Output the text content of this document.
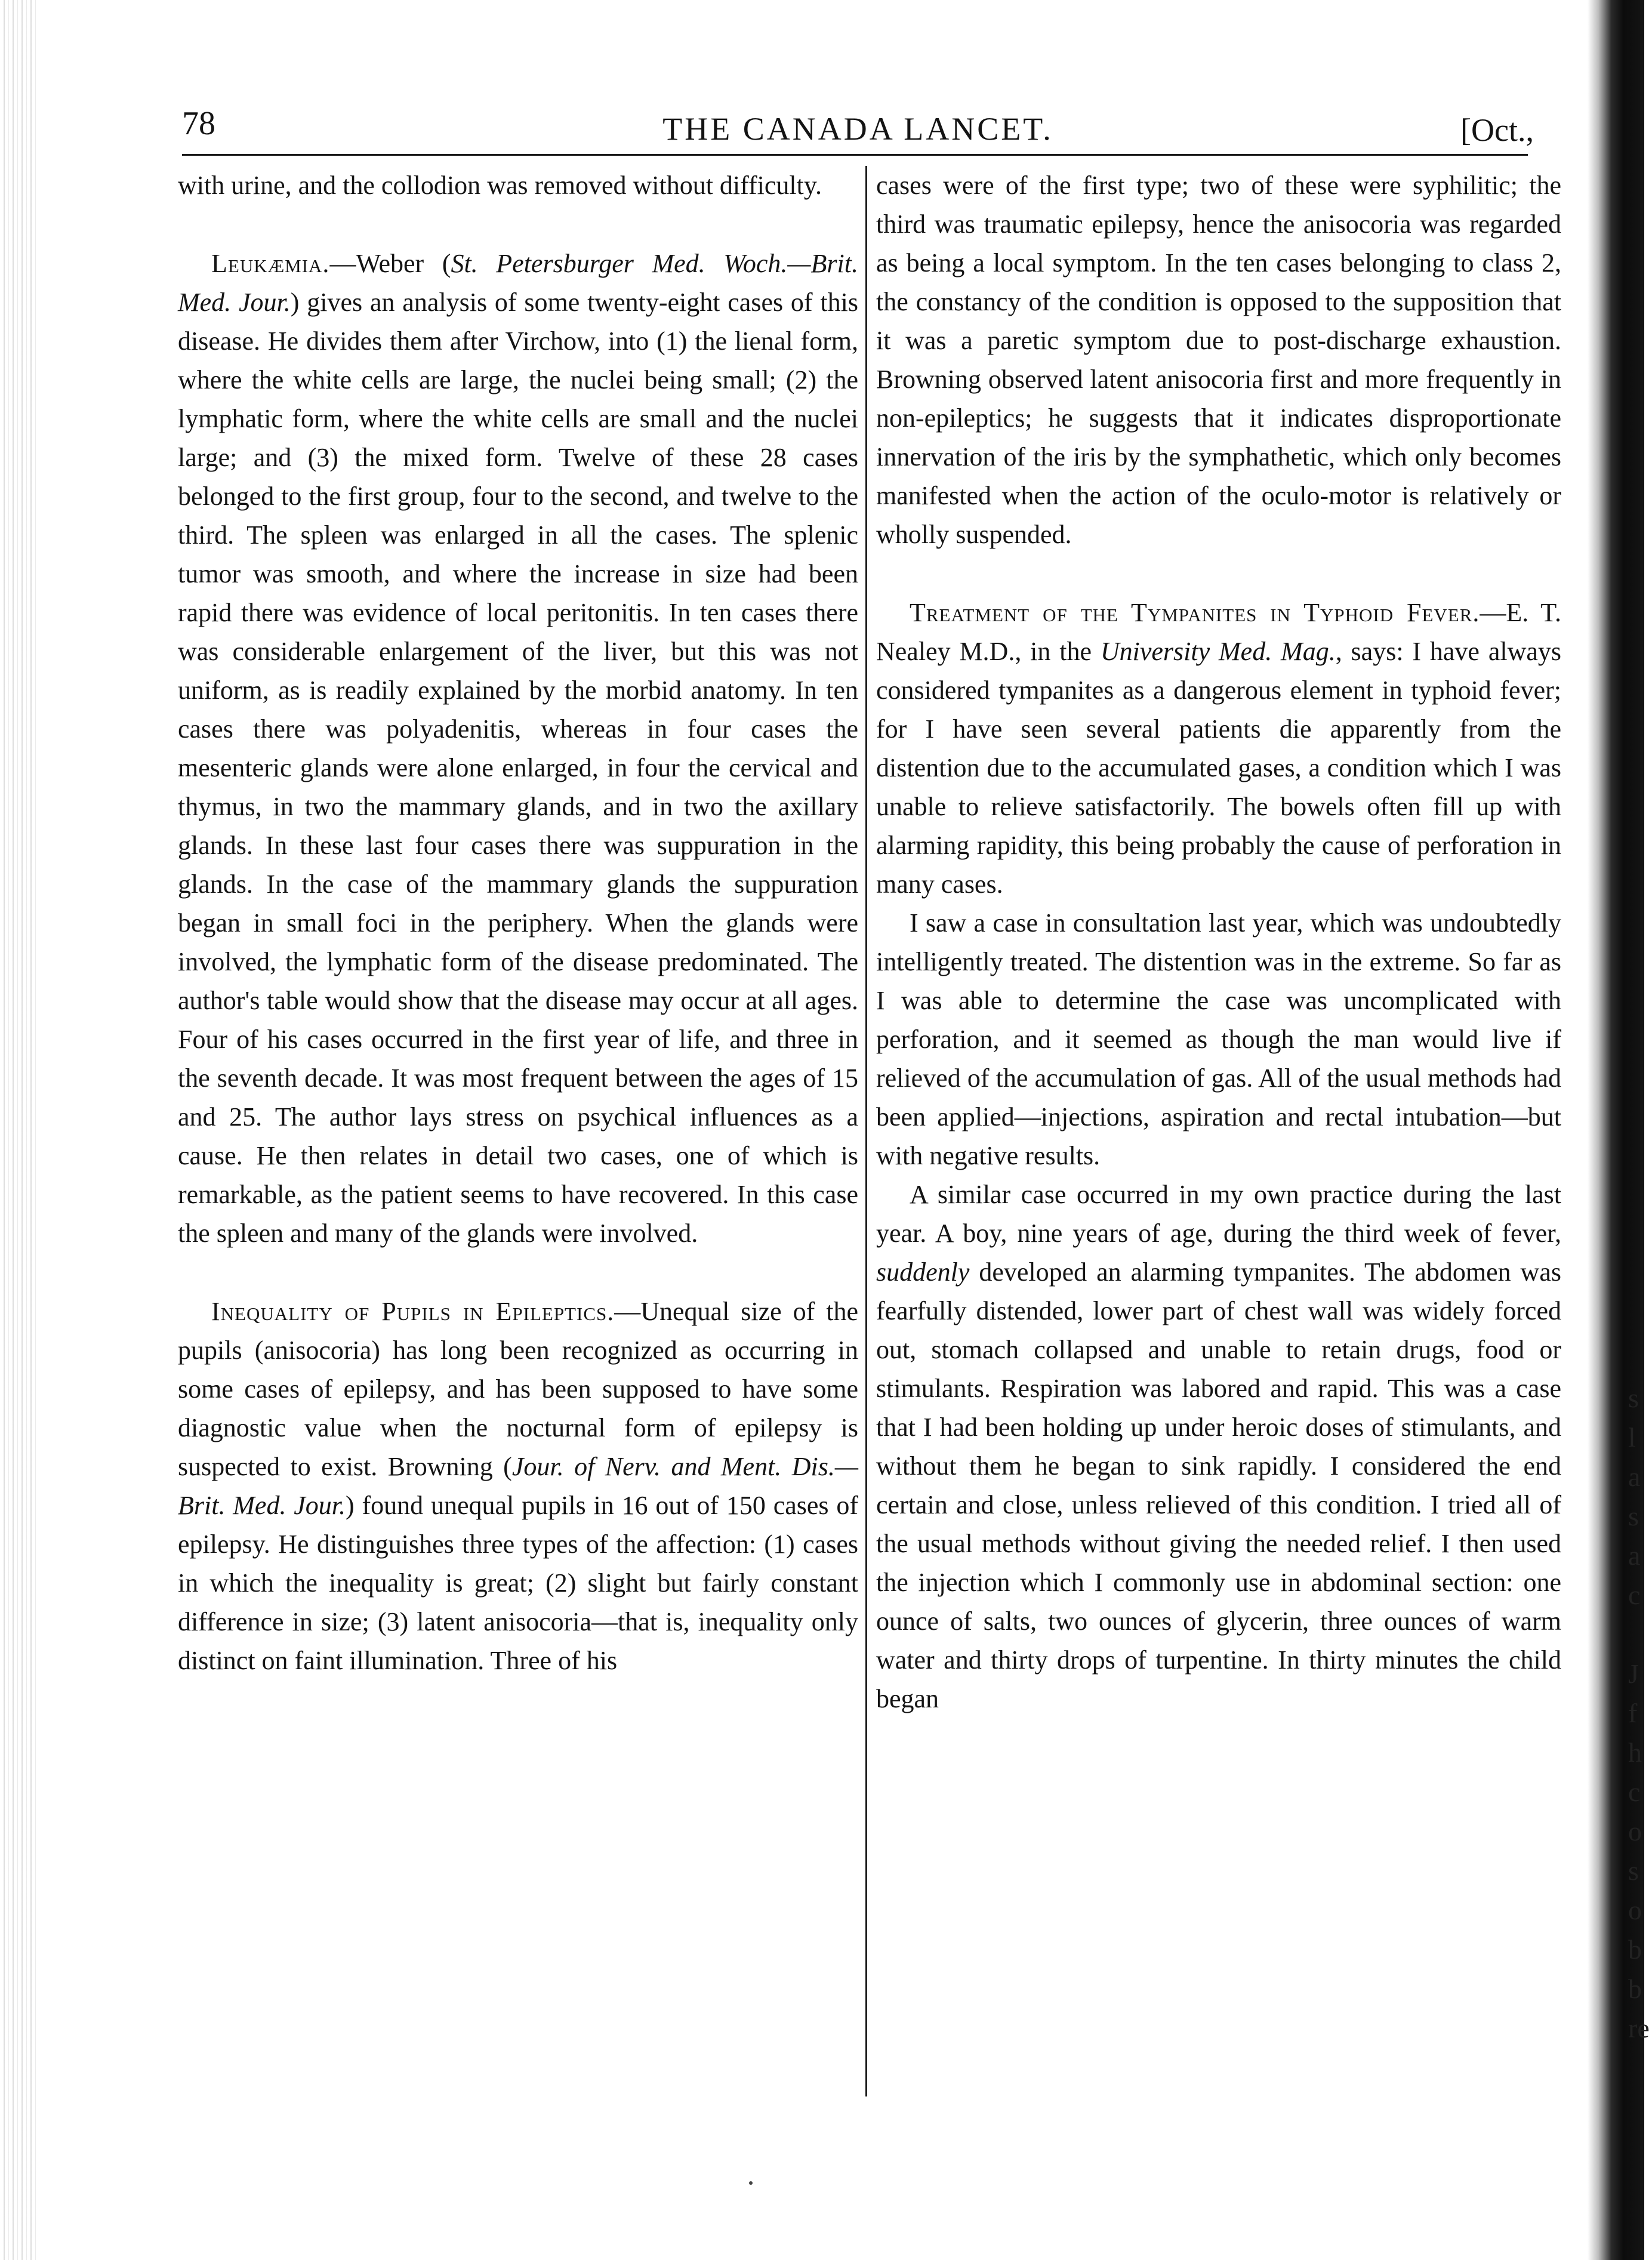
s
l
a
s
a
c

J
f
h
c
o
s
o
b
b
re
78	THE CANADA LANCET.	[Oct.,

with urine, and the collodion was removed without difficulty.

Leukæmia.—Weber (St. Petersburger Med. Woch.—Brit. Med. Jour.) gives an analysis of some twenty-eight cases of this disease. He divides them after Virchow, into (1) the lienal form, where the white cells are large, the nuclei being small; (2) the lymphatic form, where the white cells are small and the nuclei large; and (3) the mixed form. Twelve of these 28 cases belonged to the first group, four to the second, and twelve to the third. The spleen was enlarged in all the cases. The splenic tumor was smooth, and where the increase in size had been rapid there was evidence of local peritonitis. In ten cases there was considerable enlargement of the liver, but this was not uniform, as is readily explained by the morbid anatomy. In ten cases there was polyadenitis, whereas in four cases the mesenteric glands were alone enlarged, in four the cervical and thymus, in two the mammary glands, and in two the axillary glands. In these last four cases there was suppuration in the glands. In the case of the mammary glands the suppuration began in small foci in the periphery. When the glands were involved, the lymphatic form of the disease predominated. The author's table would show that the disease may occur at all ages. Four of his cases occurred in the first year of life, and three in the seventh decade. It was most frequent between the ages of 15 and 25. The author lays stress on psychical influences as a cause. He then relates in detail two cases, one of which is remarkable, as the patient seems to have recovered. In this case the spleen and many of the glands were involved.

Inequality of Pupils in Epileptics.—Unequal size of the pupils (anisocoria) has long been recognized as occurring in some cases of epilepsy, and has been supposed to have some diagnostic value when the nocturnal form of epilepsy is suspected to exist. Browning (Jour. of Nerv. and Ment. Dis.—Brit. Med. Jour.) found unequal pupils in 16 out of 150 cases of epilepsy. He distinguishes three types of the affection: (1) cases in which the inequality is great; (2) slight but fairly constant difference in size; (3) latent anisocoria—that is, inequality only distinct on faint illumination. Three of his

cases were of the first type; two of these were syphilitic; the third was traumatic epilepsy, hence the anisocoria was regarded as being a local symptom. In the ten cases belonging to class 2, the constancy of the condition is opposed to the supposition that it was a paretic symptom due to post-discharge exhaustion. Browning observed latent anisocoria first and more frequently in non-epileptics; he suggests that it indicates disproportionate innervation of the iris by the symphathetic, which only becomes manifested when the action of the oculo-motor is relatively or wholly suspended.

Treatment of the Tympanites in Typhoid Fever.—E. T. Nealey M.D., in the University Med. Mag., says: I have always considered tympanites as a dangerous element in typhoid fever; for I have seen several patients die apparently from the distention due to the accumulated gases, a condition which I was unable to relieve satisfactorily. The bowels often fill up with alarming rapidity, this being probably the cause of perforation in many cases.

I saw a case in consultation last year, which was undoubtedly intelligently treated. The distention was in the extreme. So far as I was able to determine the case was uncomplicated with perforation, and it seemed as though the man would live if relieved of the accumulation of gas. All of the usual methods had been applied—injections, aspiration and rectal intubation—but with negative results.

A similar case occurred in my own practice during the last year. A boy, nine years of age, during the third week of fever, suddenly developed an alarming tympanites. The abdomen was fearfully distended, lower part of chest wall was widely forced out, stomach collapsed and unable to retain drugs, food or stimulants. Respiration was labored and rapid. This was a case that I had been holding up under heroic doses of stimulants, and without them he began to sink rapidly. I considered the end certain and close, unless relieved of this condition. I tried all of the usual methods without giving the needed relief. I then used the injection which I commonly use in abdominal section: one ounce of salts, two ounces of glycerin, three ounces of warm water and thirty drops of turpentine. In thirty minutes the child began
